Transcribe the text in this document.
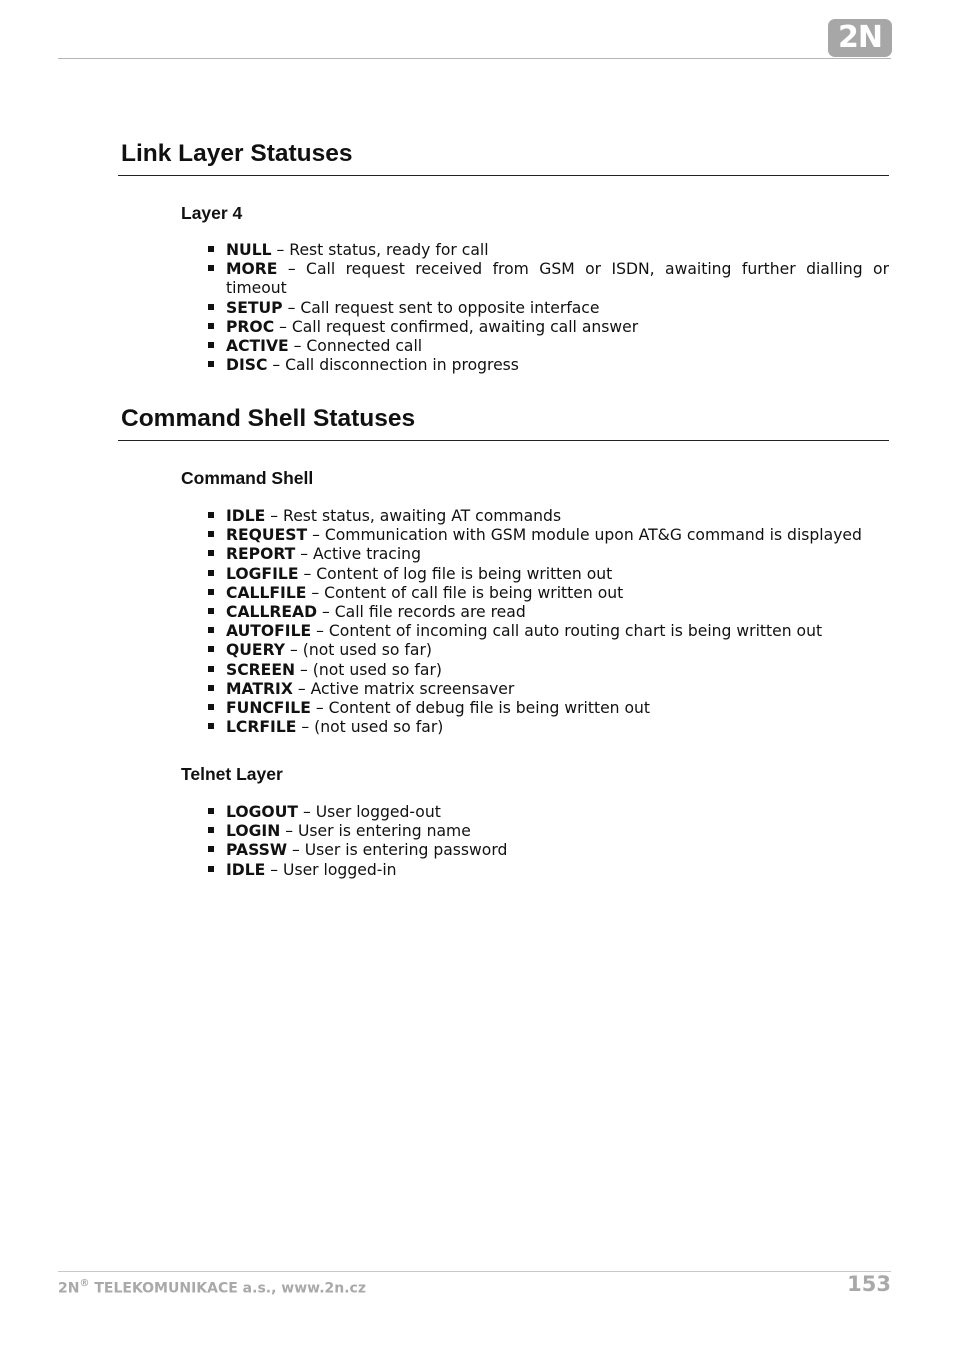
2N
Link Layer Statuses
Layer 4
NULL – Rest status, ready for call
MORE – Call request received from GSM or ISDN, awaiting further dialling or timeout
SETUP – Call request sent to opposite interface
PROC – Call request confirmed, awaiting call answer
ACTIVE – Connected call
DISC – Call disconnection in progress
Command Shell Statuses
Command Shell
IDLE – Rest status, awaiting AT commands
REQUEST – Communication with GSM module upon AT&G command is displayed
REPORT – Active tracing
LOGFILE – Content of log file is being written out
CALLFILE – Content of call file is being written out
CALLREAD – Call file records are read
AUTOFILE – Content of incoming call auto routing chart is being written out
QUERY – (not used so far)
SCREEN – (not used so far)
MATRIX – Active matrix screensaver
FUNCFILE – Content of debug file is being written out
LCRFILE – (not used so far)
Telnet Layer
LOGOUT – User logged-out
LOGIN – User is entering name
PASSW – User is entering password
IDLE – User logged-in
2N® TELEKOMUNIKACE a.s., www.2n.cz	153
